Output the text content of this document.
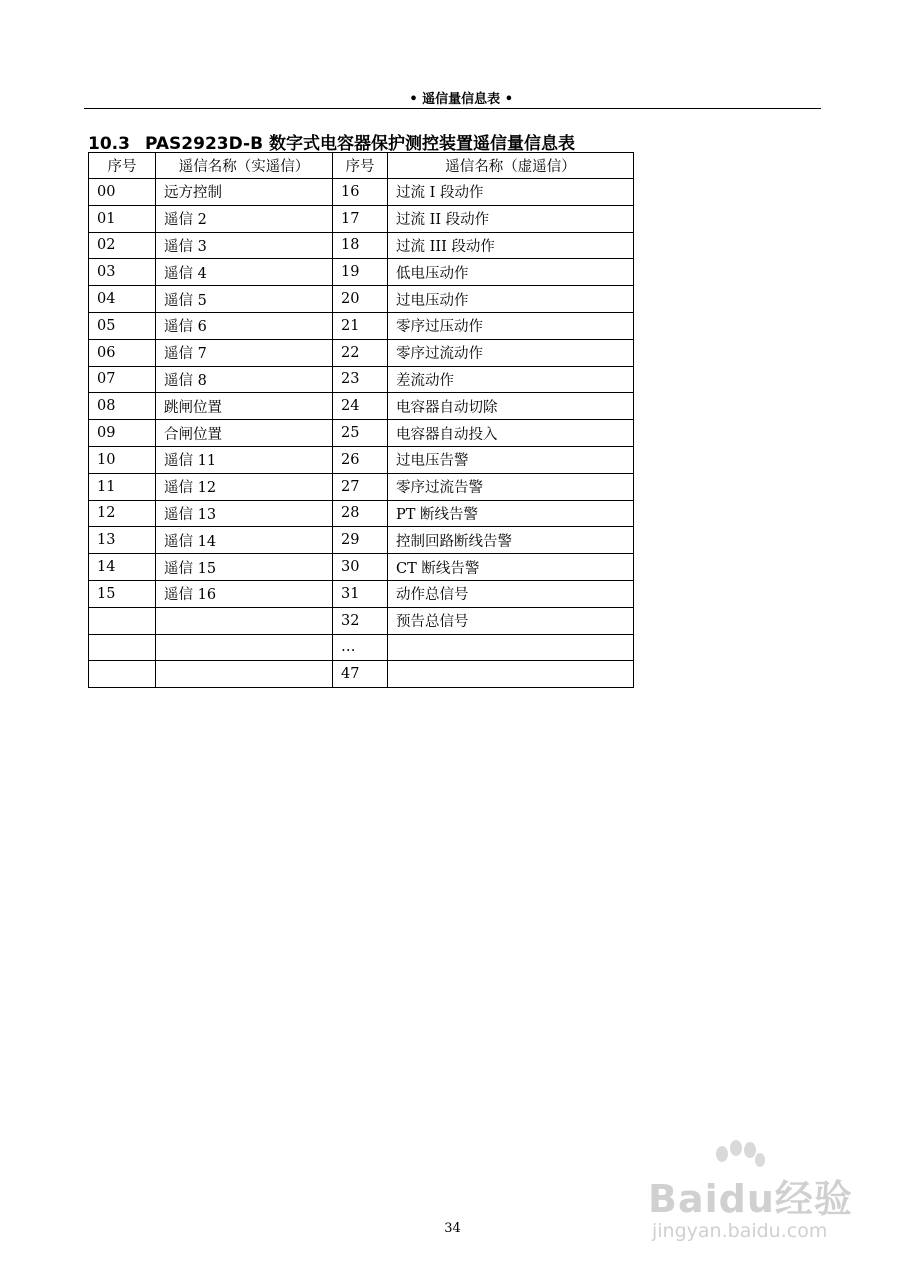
• 遥信量信息表 •
10.3 PAS2923D-B 数字式电容器保护测控装置遥信量信息表
序号	遥信名称（实遥信）	序号	遥信名称（虚遥信）
00	远方控制	16	过流 I 段动作
01	遥信 2	17	过流 II 段动作
02	遥信 3	18	过流 III 段动作
03	遥信 4	19	低电压动作
04	遥信 5	20	过电压动作
05	遥信 6	21	零序过压动作
06	遥信 7	22	零序过流动作
07	遥信 8	23	差流动作
08	跳闸位置	24	电容器自动切除
09	合闸位置	25	电容器自动投入
10	遥信 11	26	过电压告警
11	遥信 12	27	零序过流告警
12	遥信 13	28	PT 断线告警
13	遥信 14	29	控制回路断线告警
14	遥信 15	30	CT 断线告警
15	遥信 16	31	动作总信号
		32	预告总信号
		…	
		47	
34
Baidu经验
jingyan.baidu.com
